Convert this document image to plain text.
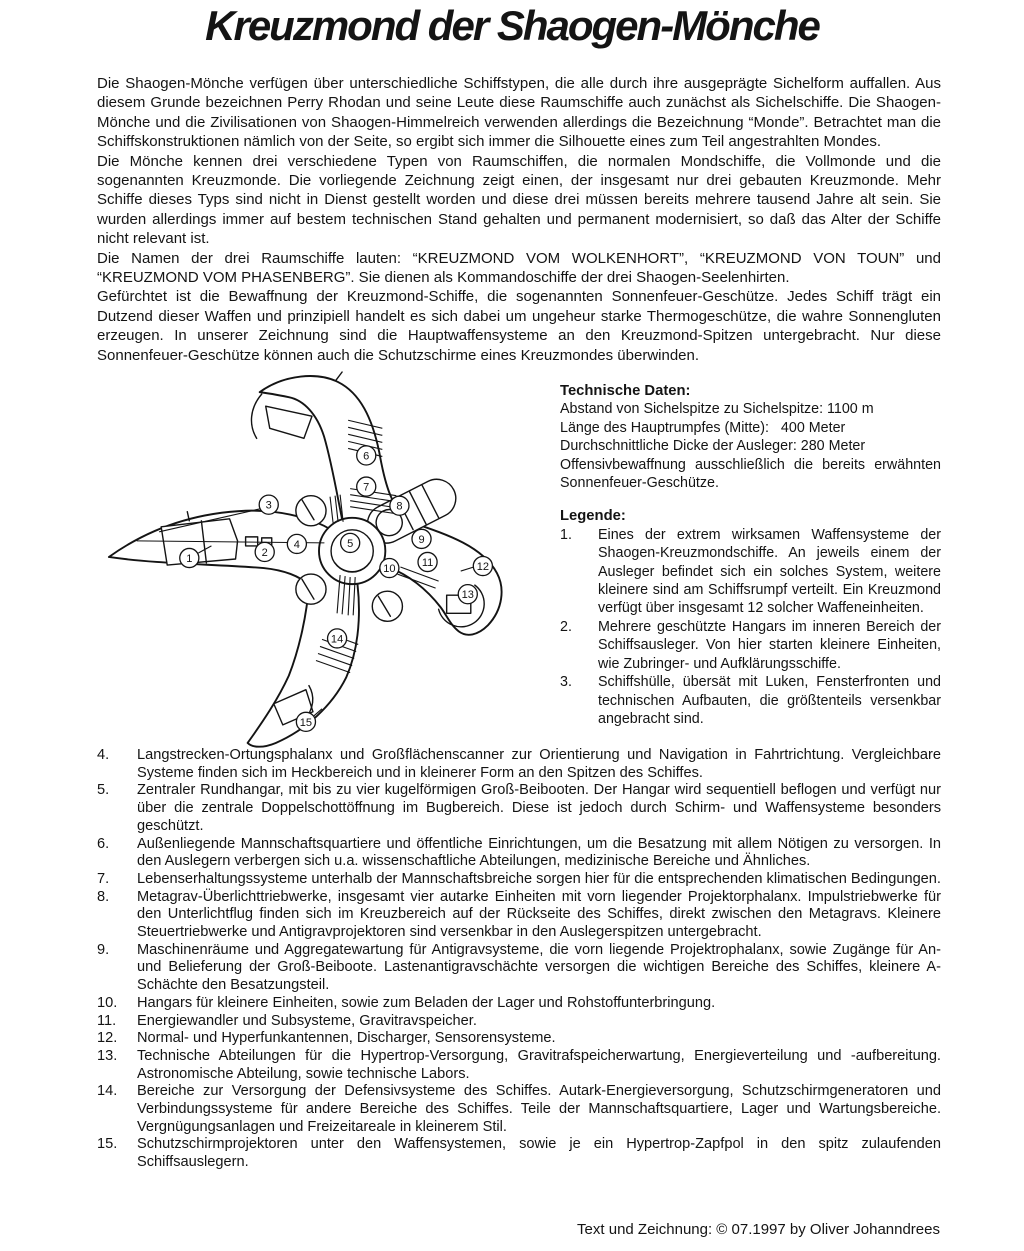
Kreuzmond der Shaogen-Mönche

Die Shaogen-Mönche verfügen über unterschiedliche Schiffstypen, die alle durch ihre ausgeprägte Sichelform auffallen. Aus diesem Grunde bezeichnen Perry Rhodan und seine Leute diese Raumschiffe auch zunächst als Sichelschiffe. Die Shaogen-Mönche und die Zivilisationen von Shaogen-Himmelreich verwenden allerdings die Bezeichnung “Monde”. Betrachtet man die Schiffskonstruktionen nämlich von der Seite, so ergibt sich immer die Silhouette eines zum Teil angestrahlten Mondes.

Die Mönche kennen drei verschiedene Typen von Raumschiffen, die normalen Mondschiffe, die Vollmonde und die sogenannten Kreuzmonde. Die vorliegende Zeichnung zeigt einen, der insgesamt nur drei gebauten Kreuzmonde. Mehr Schiffe dieses Typs sind nicht in Dienst gestellt worden und diese drei müssen bereits mehrere tausend Jahre alt sein. Sie wurden allerdings immer auf bestem technischen Stand gehalten und permanent modernisiert, so daß das Alter der Schiffe nicht relevant ist.

Die Namen der drei Raumschiffe lauten: “KREUZMOND VOM WOLKENHORT”, “KREUZMOND VON TOUN” und “KREUZMOND VOM PHASENBERG”. Sie dienen als Kommandoschiffe der drei Shaogen-Seelenhirten.

Gefürchtet ist die Bewaffnung der Kreuzmond-Schiffe, die sogenannten Sonnenfeuer-Geschütze. Jedes Schiff trägt ein Dutzend dieser Waffen und prinzipiell handelt es sich dabei um ungeheur starke Thermogeschütze, die wahre Sonnengluten erzeugen. In unserer Zeichnung sind die Hauptwaffensysteme an den Kreuzmond-Spitzen untergebracht. Nur diese Sonnenfeuer-Geschütze können auch die Schutzschirme eines Kreuzmondes überwinden.

1
2
3
4	5
6
7
8
9
10
11	12
13
14
15
Technische Daten:
Abstand von Sichelspitze zu Sichelspitze: 1100 m
Länge des Hauptrumpfes (Mitte):   400 Meter
Durchschnittliche Dicke der Ausleger: 280 Meter

Offensivbewaffnung ausschließlich die bereits erwähnten Sonnenfeuer-Geschütze.

Legende:
1. Eines der extrem wirksamen Waffensysteme der Shaogen-Kreuzmondschiffe. An jeweils einem der Ausleger befindet sich ein solches System, weitere kleinere sind am Schiffsrumpf verteilt. Ein Kreuzmond verfügt über insgesamt 12 solcher Waffeneinheiten.
2. Mehrere geschützte Hangars im inneren Bereich der Schiffsausleger. Von hier starten kleinere Einheiten, wie Zubringer- und Aufklärungsschiffe.
3. Schiffshülle, übersät mit Luken, Fensterfronten und technischen Aufbauten, die größtenteils versenkbar angebracht sind.
4. Langstrecken-Ortungsphalanx und Großflächenscanner zur Orientierung und Navigation in Fahrtrichtung. Vergleichbare Systeme finden sich im Heckbereich und in kleinerer Form an den Spitzen des Schiffes.
5. Zentraler Rundhangar, mit bis zu vier kugelförmigen Groß-Beibooten. Der Hangar wird sequentiell beflogen und verfügt nur über die zentrale Doppelschottöffnung im Bugbereich. Diese ist jedoch durch Schirm- und Waffensysteme besonders geschützt.
6. Außenliegende Mannschaftsquartiere und öffentliche Einrichtungen, um die Besatzung mit allem Nötigen zu versorgen. In den Auslegern verbergen sich u.a. wissenschaftliche Abteilungen, medizinische Bereiche und Ähnliches.
7. Lebenserhaltungssysteme unterhalb der Mannschaftsbreiche sorgen hier für die entsprechenden klimatischen Bedingungen.
8. Metagrav-Überlichttriebwerke, insgesamt vier autarke Einheiten mit vorn liegender Projektorphalanx. Impulstriebwerke für den Unterlichtflug finden sich im Kreuzbereich auf der Rückseite des Schiffes, direkt zwischen den Metagravs. Kleinere Steuertriebwerke und Antigravprojektoren sind versenkbar in den Auslegerspitzen untergebracht.
9. Maschinenräume und Aggregatewartung für Antigravsysteme, die vorn liegende Projektrophalanx, sowie Zugänge für An- und Belieferung der Groß-Beiboote. Lastenantigravschächte versorgen die wichtigen Bereiche des Schiffes, kleinere A-Schächte den Besatzungsteil.
10. Hangars für kleinere Einheiten, sowie zum Beladen der Lager und Rohstoffunterbringung.
11. Energiewandler und Subsysteme, Gravitravspeicher.
12. Normal- und Hyperfunkantennen, Discharger, Sensorensysteme.
13. Technische Abteilungen für die Hypertrop-Versorgung, Gravitrafspeicherwartung, Energieverteilung und -aufbereitung. Astronomische Abteilung, sowie technische Labors.
14. Bereiche zur Versorgung der Defensivsysteme des Schiffes. Autark-Energieversorgung, Schutzschirmgeneratoren und Verbindungssysteme für andere Bereiche des Schiffes. Teile der Mannschaftsquartiere, Lager und Wartungsbereiche. Vergnügungsanlagen und Freizeitareale in kleinerem Stil.
15. Schutzschirmprojektoren unter den Waffensystemen, sowie je ein Hypertrop-Zapfpol in den spitz zulaufenden Schiffsauslegern.
Text und Zeichnung: © 07.1997 by Oliver Johanndrees
